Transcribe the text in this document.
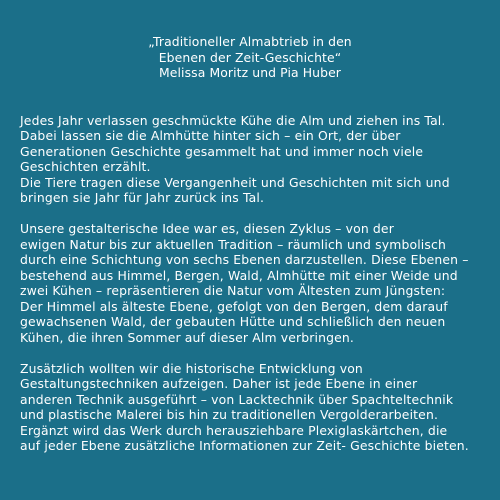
„Traditioneller Almabtrieb in den
Ebenen der Zeit-Geschichte“
Melissa Moritz und Pia Huber

Jedes Jahr verlassen geschmückte Kühe die Alm und ziehen ins Tal.
Dabei lassen sie die Almhütte hinter sich – ein Ort, der über
Generationen Geschichte gesammelt hat und immer noch viele
Geschichten erzählt.
Die Tiere tragen diese Vergangenheit und Geschichten mit sich und
bringen sie Jahr für Jahr zurück ins Tal.

Unsere gestalterische Idee war es, diesen Zyklus – von der
ewigen Natur bis zur aktuellen Tradition – räumlich und symbolisch
durch eine Schichtung von sechs Ebenen darzustellen. Diese Ebenen –
bestehend aus Himmel, Bergen, Wald, Almhütte mit einer Weide und
zwei Kühen – repräsentieren die Natur vom Ältesten zum Jüngsten:
Der Himmel als älteste Ebene, gefolgt von den Bergen, dem darauf
gewachsenen Wald, der gebauten Hütte und schließlich den neuen
Kühen, die ihren Sommer auf dieser Alm verbringen.

Zusätzlich wollten wir die historische Entwicklung von
Gestaltungstechniken aufzeigen. Daher ist jede Ebene in einer
anderen Technik ausgeführt – von Lacktechnik über Spachteltechnik
und plastische Malerei bis hin zu traditionellen Vergolderarbeiten.
Ergänzt wird das Werk durch herausziehbare Plexiglaskärtchen, die
auf jeder Ebene zusätzliche Informationen zur Zeit- Geschichte bieten.
